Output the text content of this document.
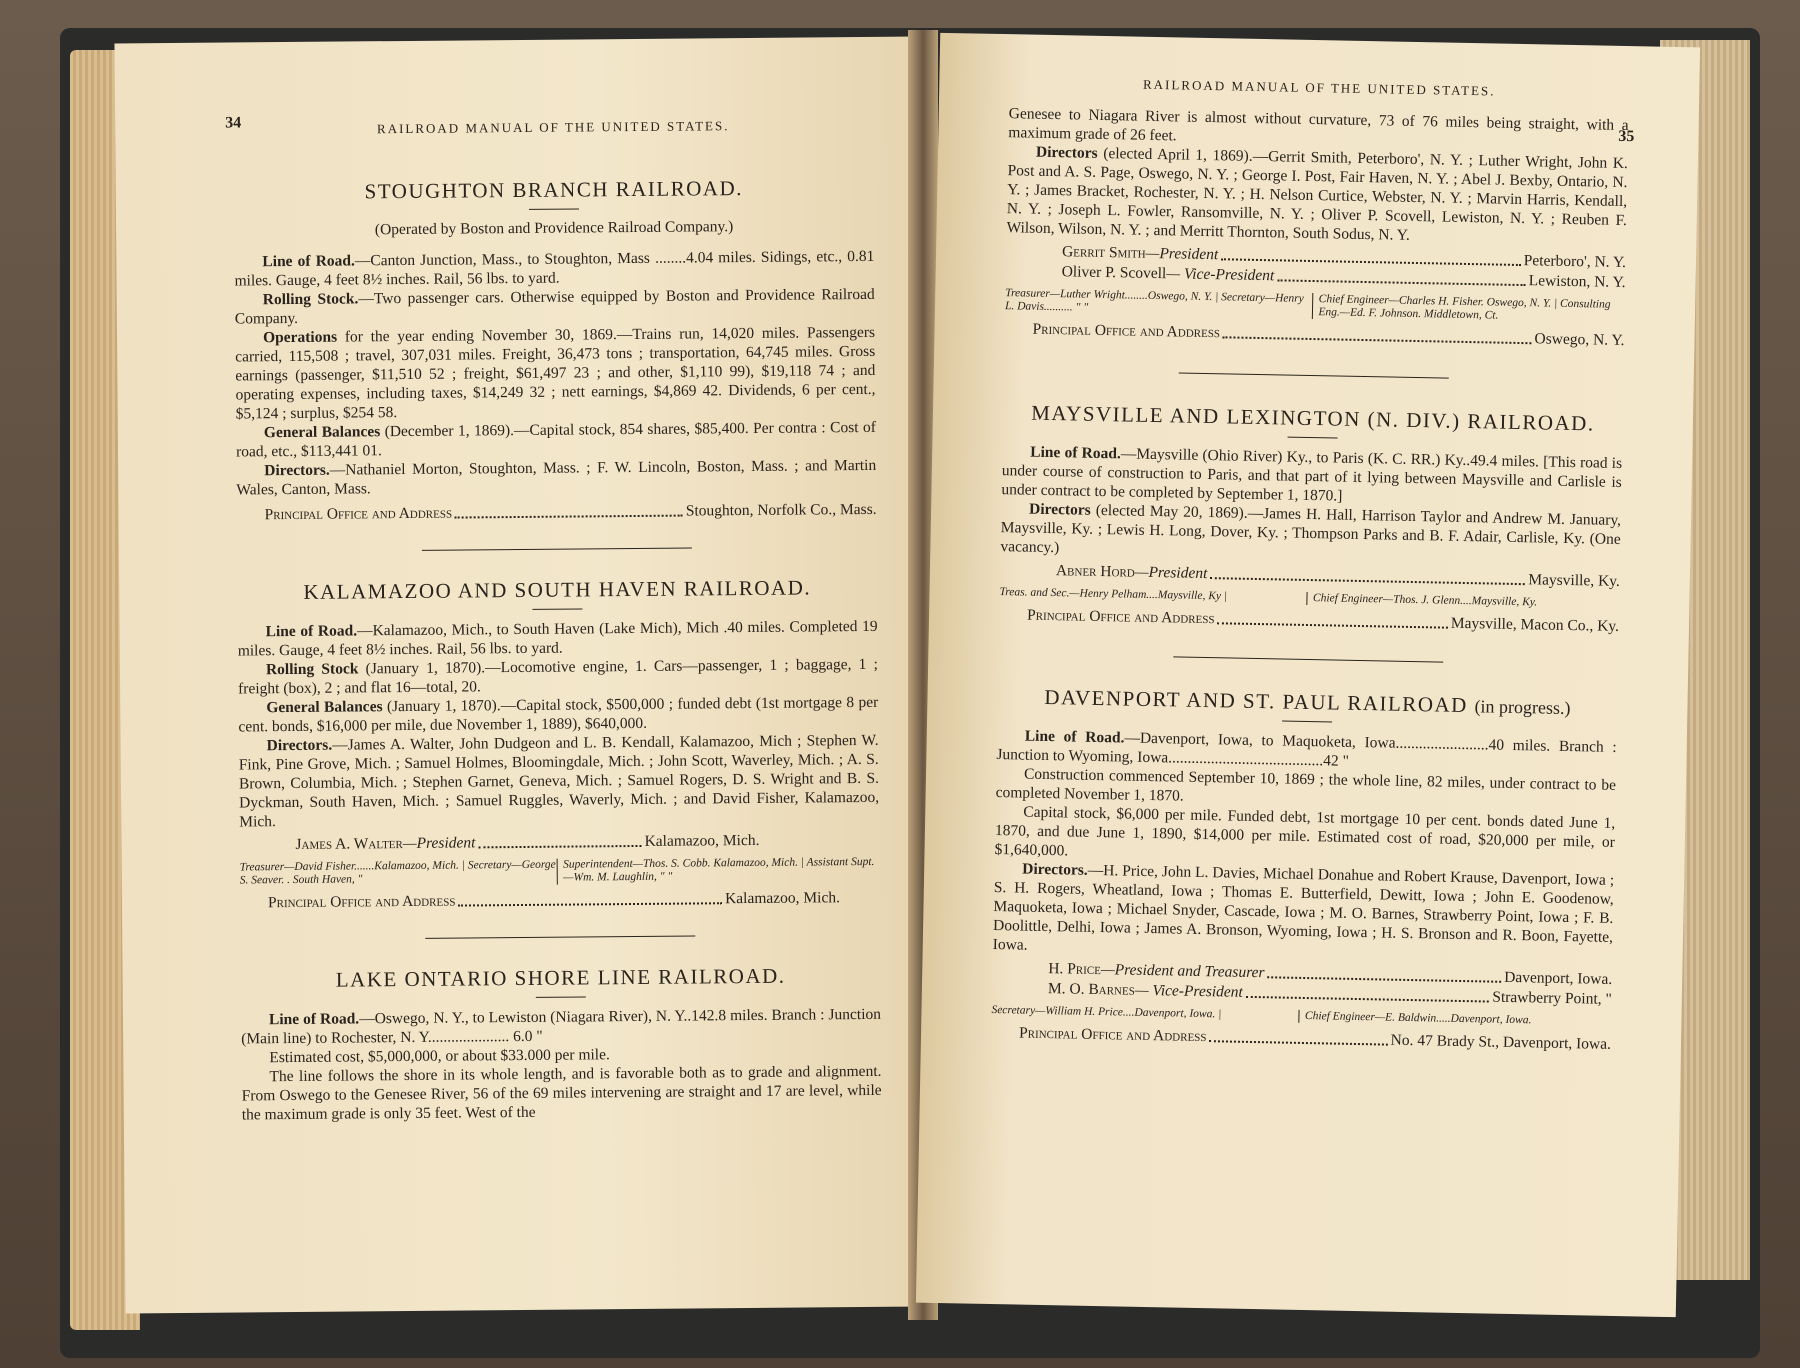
34	RAILROAD MANUAL OF THE UNITED STATES.
STOUGHTON BRANCH RAILROAD.
(Operated by Boston and Providence Railroad Company.)

Line of Road.—Canton Junction, Mass., to Stoughton, Mass ........4.04 miles. Sidings, etc., 0.81 miles. Gauge, 4 feet 8½ inches. Rail, 56 lbs. to yard.

Rolling Stock.—Two passenger cars. Otherwise equipped by Boston and Providence Railroad Company.

Operations for the year ending November 30, 1869.—Trains run, 14,020 miles. Passengers carried, 115,508 ; travel, 307,031 miles. Freight, 36,473 tons ; transportation, 64,745 miles. Gross earnings (passenger, $11,510 52 ; freight, $61,497 23 ; and other, $1,110 99), $19,118 74 ; and operating expenses, including taxes, $14,249 32 ; nett earnings, $4,869 42. Dividends, 6 per cent., $5,124 ; surplus, $254 58.

General Balances (December 1, 1869).—Capital stock, 854 shares, $85,400. Per contra : Cost of road, etc., $113,441 01.

Directors.—Nathaniel Morton, Stoughton, Mass. ; F. W. Lincoln, Boston, Mass. ; and Martin Wales, Canton, Mass.

Principal Office and Address	Stoughton, Norfolk Co., Mass.
KALAMAZOO AND SOUTH HAVEN RAILROAD.

Line of Road.—Kalamazoo, Mich., to South Haven (Lake Mich), Mich .40 miles. Completed 19 miles. Gauge, 4 feet 8½ inches. Rail, 56 lbs. to yard.

Rolling Stock (January 1, 1870).—Locomotive engine, 1. Cars—passenger, 1 ; baggage, 1 ; freight (box), 2 ; and flat 16—total, 20.

General Balances (January 1, 1870).—Capital stock, $500,000 ; funded debt (1st mortgage 8 per cent. bonds, $16,000 per mile, due November 1, 1889), $640,000.

Directors.—James A. Walter, John Dudgeon and L. B. Kendall, Kalamazoo, Mich ; Stephen W. Fink, Pine Grove, Mich. ; Samuel Holmes, Bloomingdale, Mich. ; John Scott, Waverley, Mich. ; A. S. Brown, Columbia, Mich. ; Stephen Garnet, Geneva, Mich. ; Samuel Rogers, D. S. Wright and B. S. Dyckman, South Haven, Mich. ; Samuel Ruggles, Waverly, Mich. ; and David Fisher, Kalamazoo, Mich.

James A. Walter —President	Kalamazoo, Mich.
Treasurer—David Fisher.......Kalamazoo, Mich. | Secretary—George S. Seaver. . South Haven, "
Superintendent—Thos. S. Cobb. Kalamazoo, Mich. | Assistant Supt.—Wm. M. Laughlin, " "
Principal Office and Address	Kalamazoo, Mich.
LAKE ONTARIO SHORE LINE RAILROAD.

Line of Road.—Oswego, N. Y., to Lewiston (Niagara River), N. Y..142.8 miles. Branch : Junction (Main line) to Rochester, N. Y..................... 6.0 "

Estimated cost, $5,000,000, or about $33.000 per mile.

The line follows the shore in its whole length, and is favorable both as to grade and alignment. From Oswego to the Genesee River, 56 of the 69 miles intervening are straight and 17 are level, while the maximum grade is only 35 feet. West of the

35
RAILROAD MANUAL OF THE UNITED STATES.

Genesee to Niagara River is almost without curvature, 73 of 76 miles being straight, with a maximum grade of 26 feet.

Directors (elected April 1, 1869).—Gerrit Smith, Peterboro', N. Y. ; Luther Wright, John K. Post and A. S. Page, Oswego, N. Y. ; George I. Post, Fair Haven, N. Y. ; Abel J. Bexby, Ontario, N. Y. ; James Bracket, Rochester, N. Y. ; H. Nelson Curtice, Webster, N. Y. ; Marvin Harris, Kendall, N. Y. ; Joseph L. Fowler, Ransomville, N. Y. ; Oliver P. Scovell, Lewiston, N. Y. ; Reuben F. Wilson, Wilson, N. Y. ; and Merritt Thornton, South Sodus, N. Y.

Gerrit Smith —President	Peterboro', N. Y.
Oliver P. Scovell — Vice-President	Lewiston, N. Y.
Treasurer—Luther Wright........Oswego, N. Y. | Secretary—Henry L. Davis.......... " "	Chief Engineer—Charles H. Fisher. Oswego, N. Y. | Consulting Eng.—Ed. F. Johnson. Middletown, Ct.
Principal Office and Address	Oswego, N. Y.
MAYSVILLE AND LEXINGTON (N. DIV.) RAILROAD.

Line of Road.—Maysville (Ohio River) Ky., to Paris (K. C. RR.) Ky..49.4 miles. [This road is under course of construction to Paris, and that part of it lying between Maysville and Carlisle is under contract to be completed by September 1, 1870.]

Directors (elected May 20, 1869).—James H. Hall, Harrison Taylor and Andrew M. January, Maysville, Ky. ; Lewis H. Long, Dover, Ky. ; Thompson Parks and B. F. Adair, Carlisle, Ky. (One vacancy.)

Abner Hord —President	Maysville, Ky.
Treas. and Sec.—Henry Pelham....Maysville, Ky |	Chief Engineer—Thos. J. Glenn....Maysville, Ky.
Principal Office and Address	Maysville, Macon Co., Ky.
DAVENPORT AND ST. PAUL RAILROAD (in progress.)

Line of Road.—Davenport, Iowa, to Maquoketa, Iowa........................40 miles. Branch : Junction to Wyoming, Iowa........................................42 "

Construction commenced September 10, 1869 ; the whole line, 82 miles, under contract to be completed November 1, 1870.

Capital stock, $6,000 per mile. Funded debt, 1st mortgage 10 per cent. bonds dated June 1, 1870, and due June 1, 1890, $14,000 per mile. Estimated cost of road, $20,000 per mile, or $1,640,000.

Directors.—H. Price, John L. Davies, Michael Donahue and Robert Krause, Davenport, Iowa ; S. H. Rogers, Wheatland, Iowa ; Thomas E. Butterfield, Dewitt, Iowa ; John E. Goodenow, Maquoketa, Iowa ; Michael Snyder, Cascade, Iowa ; M. O. Barnes, Strawberry Point, Iowa ; F. B. Doolittle, Delhi, Iowa ; James A. Bronson, Wyoming, Iowa ; H. S. Bronson and R. Boon, Fayette, Iowa.

H. Price —President and Treasurer	Davenport, Iowa.
M. O. Barnes — Vice-President	Strawberry Point, "
Secretary—William H. Price....Davenport, Iowa. |	Chief Engineer—E. Baldwin.....Davenport, Iowa.
Principal Office and Address	No. 47 Brady St., Davenport, Iowa.
